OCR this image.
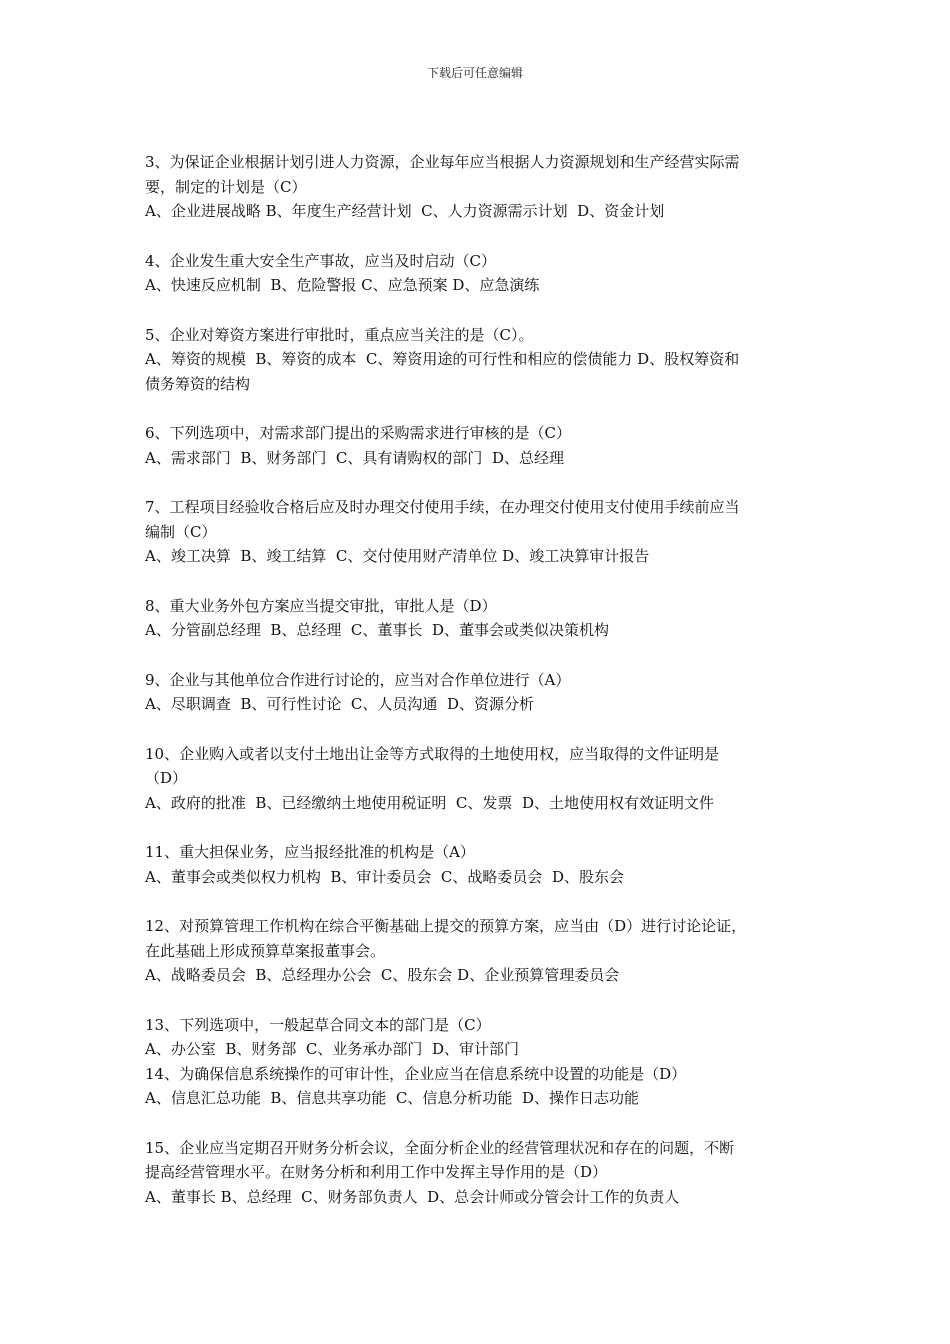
下载后可任意编辑
3、为保证企业根据计划引进人力资源，企业每年应当根据人力资源规划和生产经营实际需
要，制定的计划是（C）
A、企业进展战略 B、年度生产经营计划  C、人力资源需示计划  D、资金计划
4、企业发生重大安全生产事故，应当及时启动（C）
A、快速反应机制  B、危险警报 C、应急预案 D、应急演练
5、企业对筹资方案进行审批时，重点应当关注的是（C）。
A、筹资的规模  B、筹资的成本  C、筹资用途的可行性和相应的偿债能力 D、股权筹资和
债务筹资的结构
6、下列选项中，对需求部门提出的采购需求进行审核的是（C）
A、需求部门  B、财务部门  C、具有请购权的部门  D、总经理
7、工程项目经验收合格后应及时办理交付使用手续，在办理交付使用支付使用手续前应当
编制（C）
A、竣工决算  B、竣工结算  C、交付使用财产清单位 D、竣工决算审计报告
8、重大业务外包方案应当提交审批，审批人是（D）
A、分管副总经理  B、总经理  C、董事长  D、董事会或类似决策机构
9、企业与其他单位合作进行讨论的，应当对合作单位进行（A）
A、尽职调查  B、可行性讨论  C、人员沟通  D、资源分析
10、企业购入或者以支付土地出让金等方式取得的土地使用权，应当取得的文件证明是
（D）
A、政府的批准  B、已经缴纳土地使用税证明  C、发票  D、土地使用权有效证明文件
11、重大担保业务，应当报经批准的机构是（A）
A、董事会或类似权力机构  B、审计委员会  C、战略委员会  D、股东会
12、对预算管理工作机构在综合平衡基础上提交的预算方案，应当由（D）进行讨论论证，
在此基础上形成预算草案报董事会。
A、战略委员会  B、总经理办公会  C、股东会 D、企业预算管理委员会
13、下列选项中，一般起草合同文本的部门是（C）
A、办公室  B、财务部  C、业务承办部门  D、审计部门
14、为确保信息系统操作的可审计性，企业应当在信息系统中设置的功能是（D）
A、信息汇总功能  B、信息共享功能  C、信息分析功能  D、操作日志功能
15、企业应当定期召开财务分析会议，全面分析企业的经营管理状况和存在的问题，不断
提高经营管理水平。在财务分析和利用工作中发挥主导作用的是（D）
A、董事长 B、总经理  C、财务部负责人  D、总会计师或分管会计工作的负责人
